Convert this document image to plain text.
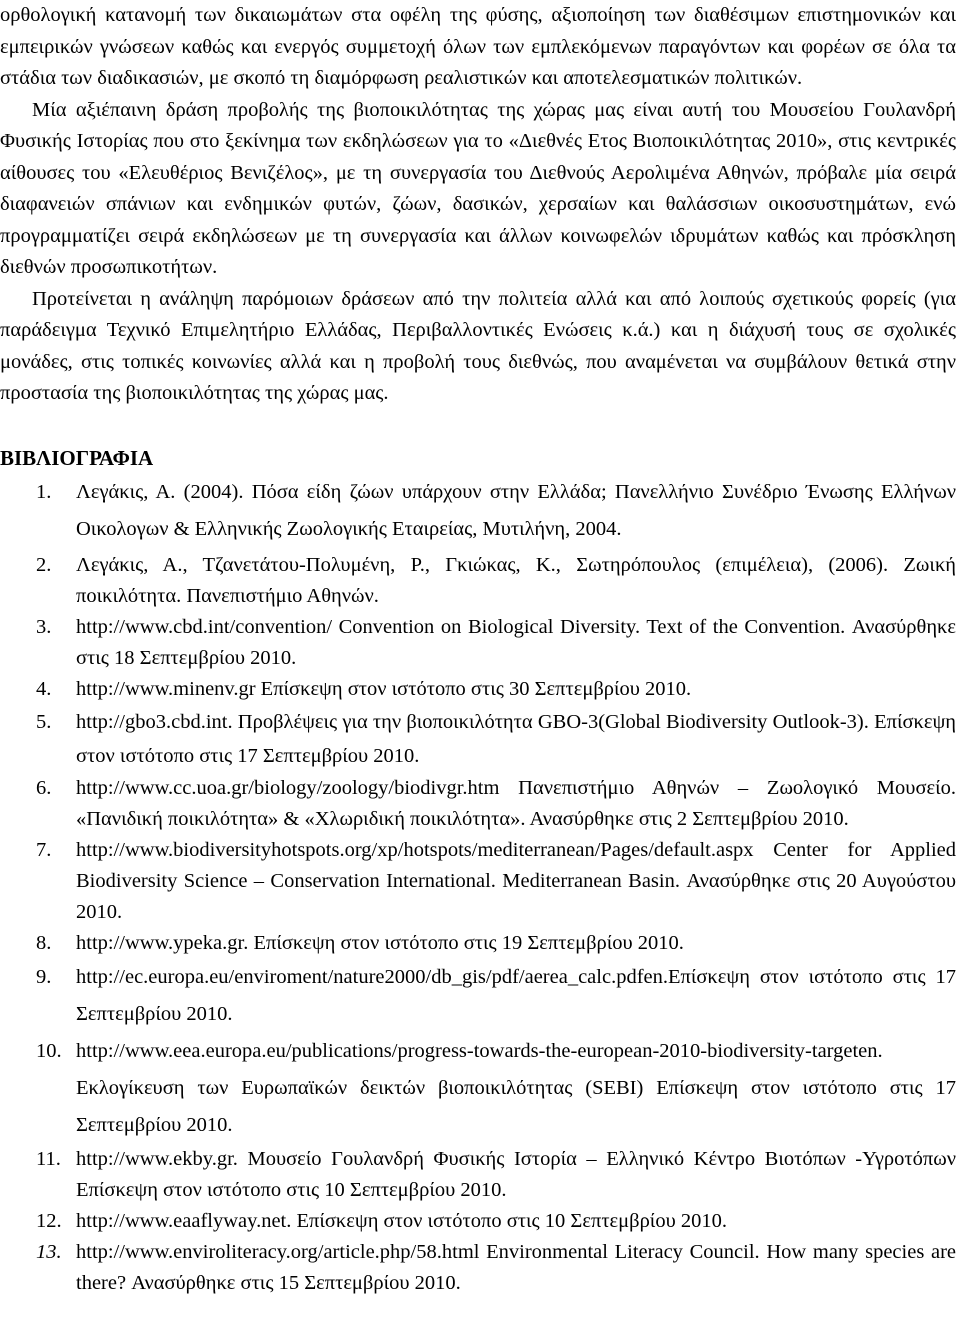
ορθολογική κατανομή των δικαιωμάτων στα οφέλη της φύσης, αξιοποίηση των διαθέσιμων επιστημονικών και εμπειρικών γνώσεων καθώς και ενεργός συμμετοχή όλων των εμπλεκόμενων παραγόντων και φορέων σε όλα τα στάδια των διαδικασιών, με σκοπό τη διαμόρφωση ρεαλιστικών και αποτελεσματικών πολιτικών.

Μία αξιέπαινη δράση προβολής της βιοποικιλότητας της χώρας μας είναι αυτή του Μουσείου Γουλανδρή Φυσικής Ιστορίας που στο ξεκίνημα των εκδηλώσεων για το «Διεθνές Ετος Βιοποικιλότητας 2010», στις κεντρικές αίθουσες του «Ελευθέριος Βενιζέλος», με τη συνεργασία του Διεθνούς Αερολιμένα Αθηνών, πρόβαλε μία σειρά διαφανειών σπάνιων και ενδημικών φυτών, ζώων, δασικών, χερσαίων και θαλάσσιων οικοσυστημάτων, ενώ προγραμματίζει σειρά εκδηλώσεων με τη συνεργασία και άλλων κοινωφελών ιδρυμάτων καθώς και πρόσκληση διεθνών προσωπικοτήτων.

Προτείνεται η ανάληψη παρόμοιων δράσεων από την πολιτεία αλλά και από λοιπούς σχετικούς φορείς (για παράδειγμα Τεχνικό Επιμελητήριο Ελλάδας, Περιβαλλοντικές Ενώσεις κ.ά.) και η διάχυσή τους σε σχολικές μονάδες, στις τοπικές κοινωνίες αλλά και η προβολή τους διεθνώς, που αναμένεται να συμβάλουν θετικά στην προστασία της βιοποικιλότητας της χώρας μας.

ΒΙΒΛΙΟΓΡΑΦΙΑ
1. Λεγάκις, Α. (2004). Πόσα είδη ζώων υπάρχουν στην Ελλάδα; Πανελλήνιο Συνέδριο Ένωσης Ελλήνων Οικολογων & Ελληνικής Ζωολογικής Εταιρείας, Μυτιλήνη, 2004.
2. Λεγάκις, Α., Τζανετάτου-Πολυμένη, Ρ., Γκιώκας, Κ., Σωτηρόπουλος (επιμέλεια), (2006). Ζωική ποικιλότητα. Πανεπιστήμιο Αθηνών.
3. http://www.cbd.int/convention/ Convention on Biological Diversity. Text of the Convention. Ανασύρθηκε στις 18 Σεπτεμβρίου 2010.
4. http://www.minenv.gr Επίσκεψη στον ιστότοπο στις 30 Σεπτεμβρίου 2010.
5. http://gbo3.cbd.int. Προβλέψεις για την βιοποικιλότητα GBO-3(Global Biodiversity Outlook-3). Επίσκεψη στον ιστότοπο στις 17 Σεπτεμβρίου 2010.
6. http://www.cc.uoa.gr/biology/zoology/biodivgr.htm Πανεπιστήμιο Αθηνών – Ζωολογικό Μουσείο. «Πανιδική ποικιλότητα» & «Χλωριδική ποικιλότητα». Ανασύρθηκε στις 2 Σεπτεμβρίου 2010.
7. http://www.biodiversityhotspots.org/xp/hotspots/mediterranean/Pages/default.aspx Center for Applied Biodiversity Science – Conservation International. Mediterranean Basin. Ανασύρθηκε στις 20 Αυγούστου 2010.
8. http://www.ypeka.gr. Επίσκεψη στον ιστότοπο στις 19 Σεπτεμβρίου 2010.
9. http://ec.europa.eu/enviroment/nature2000/db_gis/pdf/aerea_calc.pdfen.Επίσκεψη στον ιστότοπο στις 17 Σεπτεμβρίου 2010.
10. http://www.eea.europa.eu/publications/progress-towards-the-european-2010-biodiversity-targeten. Εκλογίκευση των Ευρωπαϊκών δεικτών βιοποικιλότητας (SEBI) Επίσκεψη στον ιστότοπο στις 17 Σεπτεμβρίου 2010.
11. http://www.ekby.gr. Μουσείο Γουλανδρή Φυσικής Ιστορία – Ελληνικό Κέντρο Βιοτόπων -Υγροτόπων Επίσκεψη στον ιστότοπο στις 10 Σεπτεμβρίου 2010.
12. http://www.eaaflyway.net. Επίσκεψη στον ιστότοπο στις 10 Σεπτεμβρίου 2010.
13. http://www.enviroliteracy.org/article.php/58.html Environmental Literacy Council. How many species are there? Ανασύρθηκε στις 15 Σεπτεμβρίου 2010.
